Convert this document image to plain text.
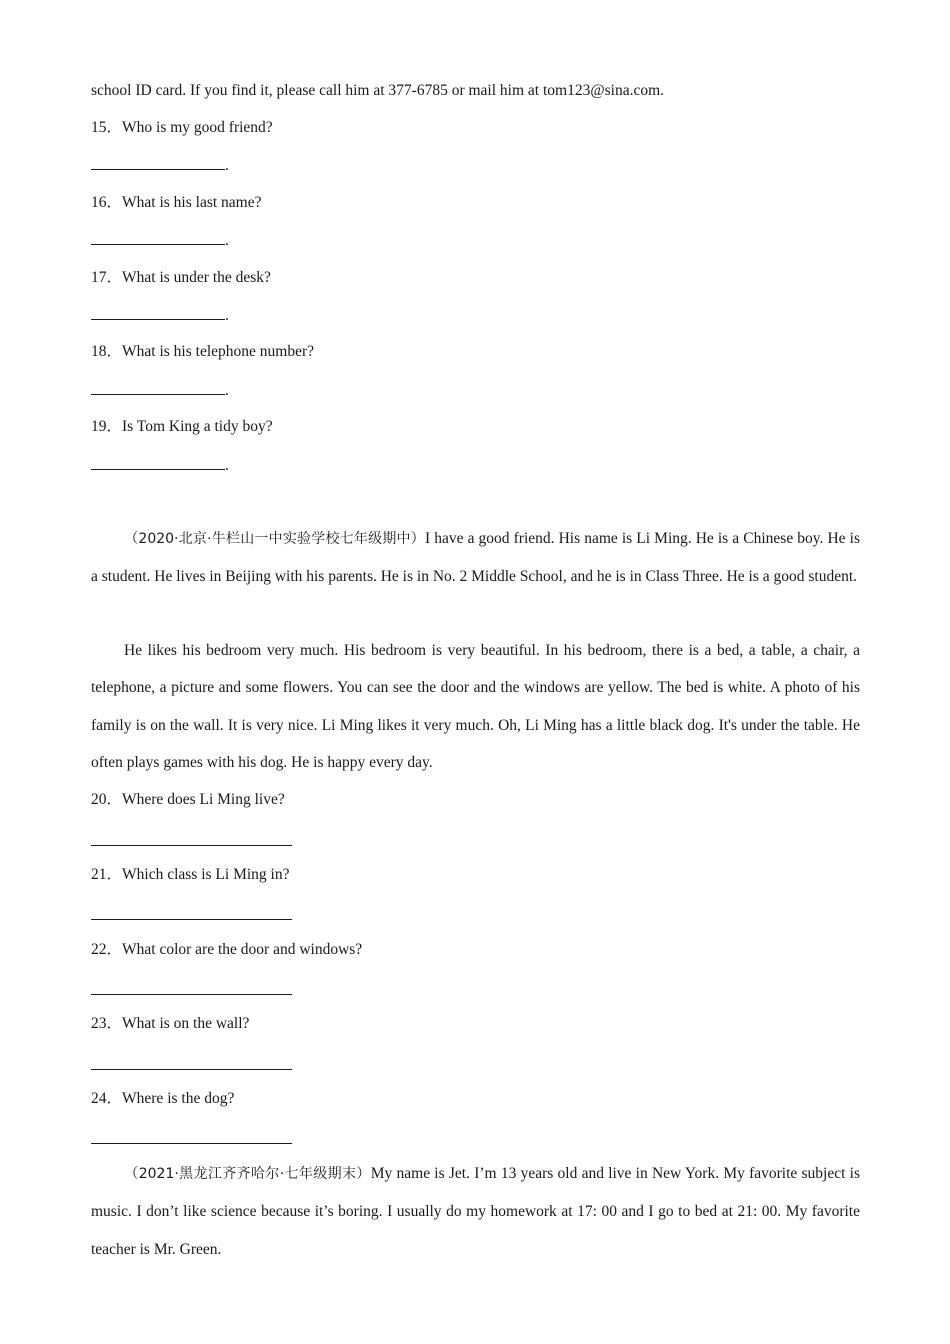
school ID card. If you find it, please call him at 377-6785 or mail him at tom123@sina.com.
15．Who is my good friend?
.
16．What is his last name?
.
17．What is under the desk?
.
18．What is his telephone number?
.
19．Is Tom King a tidy boy?
.
（2020·北京·牛栏山一中实验学校七年级期中）I have a good friend. His name is Li Ming. He is a Chinese boy. He is a student. He lives in Beijing with his parents. He is in No. 2 Middle School, and he is in Class Three. He is a good student.
He likes his bedroom very much. His bedroom is very beautiful. In his bedroom, there is a bed, a table, a chair, a telephone, a picture and some flowers. You can see the door and the windows are yellow. The bed is white. A photo of his family is on the wall. It is very nice. Li Ming likes it very much. Oh, Li Ming has a little black dog. It's under the table. He often plays games with his dog. He is happy every day.
20．Where does Li Ming live?
21．Which class is Li Ming in?
22．What color are the door and windows?
23．What is on the wall?
24．Where is the dog?
（2021·黑龙江齐齐哈尔·七年级期末）My name is Jet. I’m 13 years old and live in New York. My favorite subject is music. I don’t like science because it’s boring. I usually do my homework at 17: 00 and I go to bed at 21: 00. My favorite teacher is Mr. Green.
